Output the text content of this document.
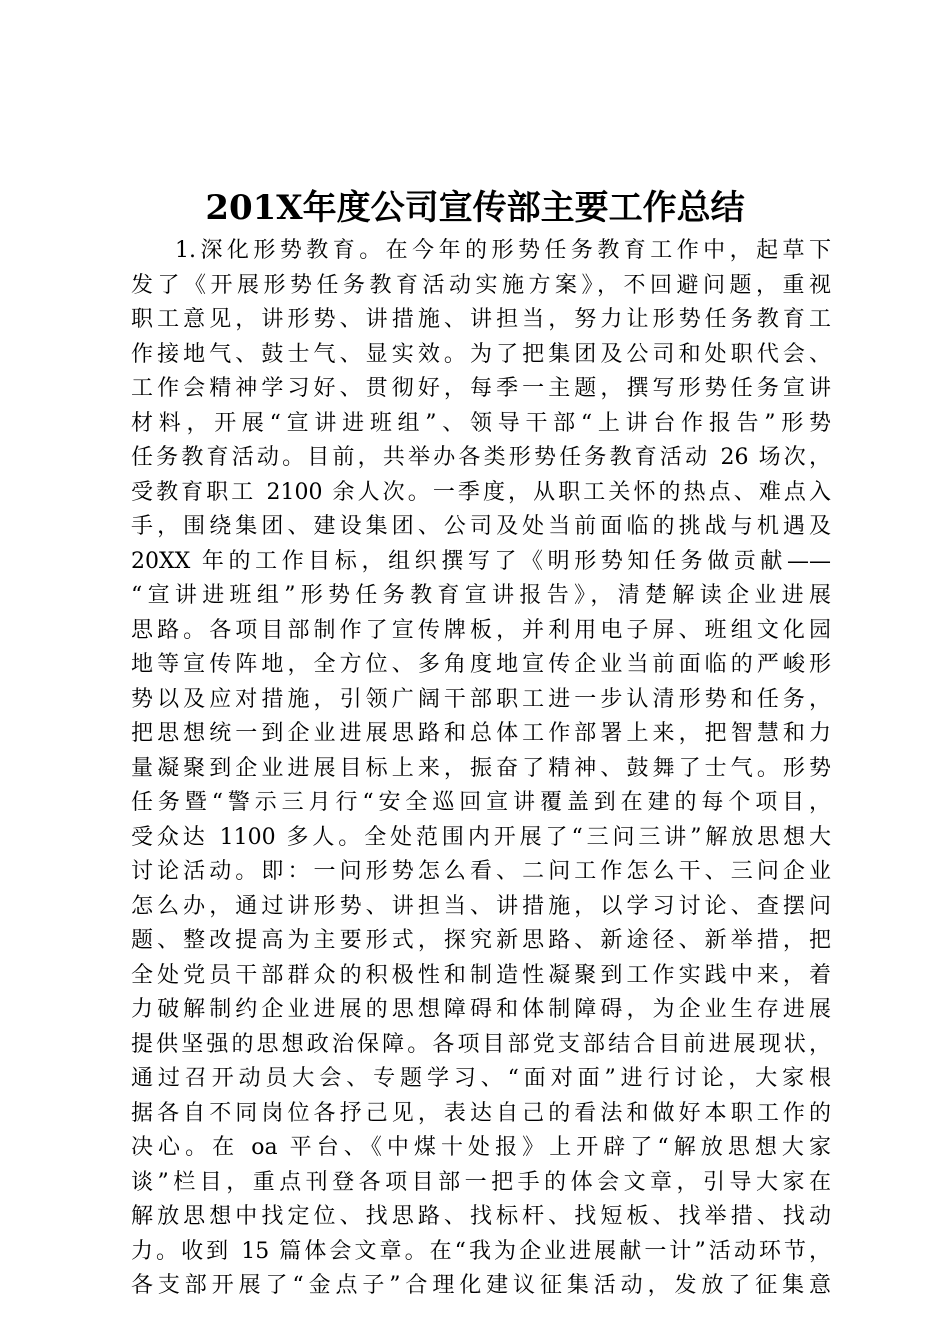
201X年度公司宣传部主要工作总结
1.深化形势教育。在今年的形势任务教育工作中，起草下
发了《开展形势任务教育活动实施方案》，不回避问题，重视
职工意见，讲形势、讲措施、讲担当，努力让形势任务教育工
作接地气、鼓士气、显实效。为了把集团及公司和处职代会、
工作会精神学习好、贯彻好，每季一主题，撰写形势任务宣讲
材料，开展“宣讲进班组”、领导干部“上讲台作报告”形势
任务教育活动。目前，共举办各类形势任务教育活动 26 场次，
受教育职工 2100 余人次。一季度，从职工关怀的热点、难点入
手，围绕集团、建设集团、公司及处当前面临的挑战与机遇及
20XX 年的工作目标，组织撰写了《明形势知任务做贡献——
“宣讲进班组”形势任务教育宣讲报告》，清楚解读企业进展
思路。各项目部制作了宣传牌板，并利用电子屏、班组文化园
地等宣传阵地，全方位、多角度地宣传企业当前面临的严峻形
势以及应对措施，引领广阔干部职工进一步认清形势和任务，
把思想统一到企业进展思路和总体工作部署上来，把智慧和力
量凝聚到企业进展目标上来，振奋了精神、鼓舞了士气。形势
任务暨“警示三月行“安全巡回宣讲覆盖到在建的每个项目，
受众达 1100 多人。全处范围内开展了“三问三讲”解放思想大
讨论活动。即：一问形势怎么看、二问工作怎么干、三问企业
怎么办，通过讲形势、讲担当、讲措施，以学习讨论、查摆问
题、整改提高为主要形式，探究新思路、新途径、新举措，把
全处党员干部群众的积极性和制造性凝聚到工作实践中来，着
力破解制约企业进展的思想障碍和体制障碍，为企业生存进展
提供坚强的思想政治保障。各项目部党支部结合目前进展现状，
通过召开动员大会、专题学习、“面对面”进行讨论，大家根
据各自不同岗位各抒己见，表达自己的看法和做好本职工作的
决心。在 oa 平台、《中煤十处报》上开辟了“解放思想大家
谈”栏目，重点刊登各项目部一把手的体会文章，引导大家在
解放思想中找定位、找思路、找标杆、找短板、找举措、找动
力。收到 15 篇体会文章。在“我为企业进展献一计”活动环节，
各支部开展了“金点子”合理化建议征集活动，发放了征集意
